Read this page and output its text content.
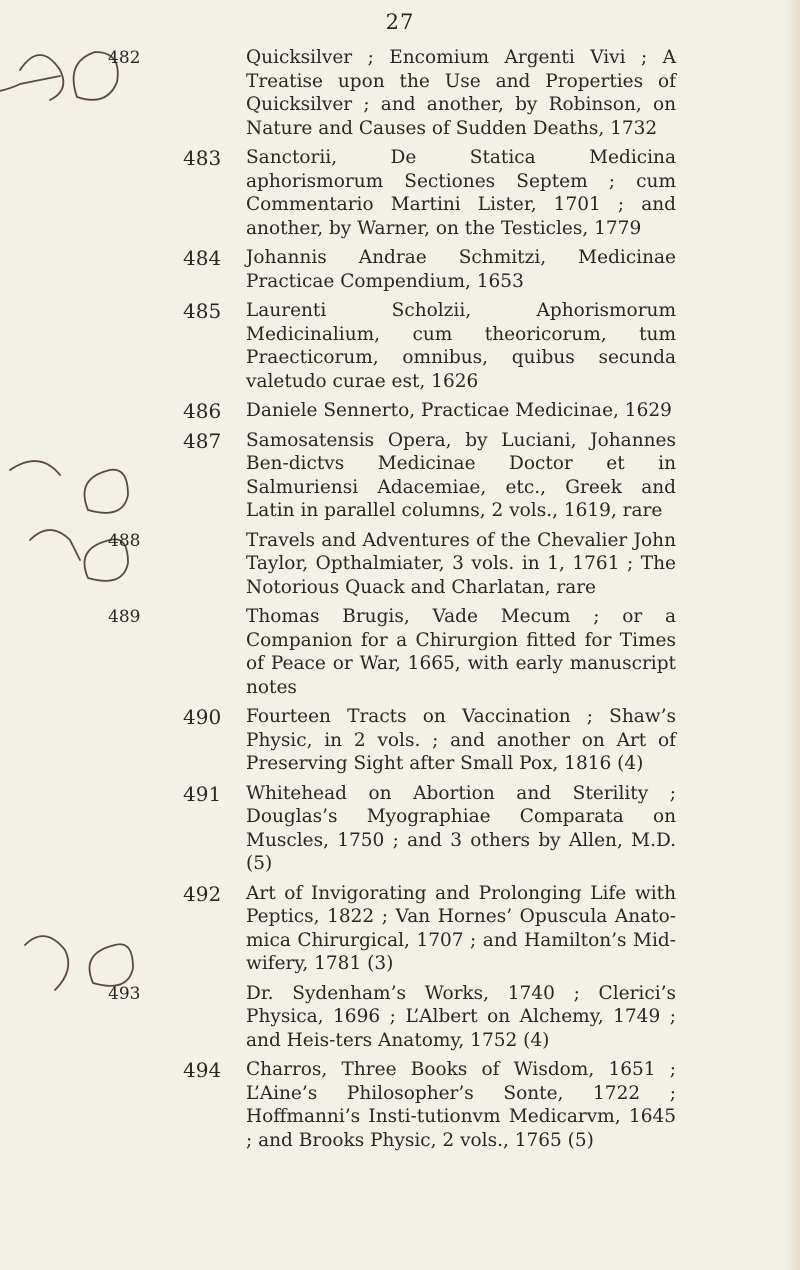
27
482	Quicksilver ; Encomium Argenti Vivi ; A Treatise upon the Use and Properties of Quicksilver ; and another, by Robinson, on Nature and Causes of Sudden Deaths, 1732
483	Sanctorii, De Statica Medicina aphorismorum Sectiones Septem ; cum Commentario Martini Lister, 1701 ; and another, by Warner, on the Testicles, 1779
484	Johannis Andrae Schmitzi, Medicinae Practicae Compendium, 1653
485	Laurenti Scholzii, Aphorismorum Medicinalium, cum theoricorum, tum Praecticorum, omnibus, quibus secunda valetudo curae est, 1626
486	Daniele Sennerto, Practicae Medicinae, 1629
487	Samosatensis Opera, by Luciani, Johannes Ben-dictvs Medicinae Doctor et in Salmuriensi Adacemiae, etc., Greek and Latin in parallel columns, 2 vols., 1619, rare
488	Travels and Adventures of the Chevalier John Taylor, Opthalmiater, 3 vols. in 1, 1761 ; The Notorious Quack and Charlatan, rare
489	Thomas Brugis, Vade Mecum ; or a Companion for a Chirurgion fitted for Times of Peace or War, 1665, with early manuscript notes
490	Fourteen Tracts on Vaccination ; Shaw’s Physic, in 2 vols. ; and another on Art of Preserving Sight after Small Pox, 1816 (4)
491	Whitehead on Abortion and Sterility ; Douglas’s Myographiae Comparata on Muscles, 1750 ; and 3 others by Allen, M.D. (5)
492	Art of Invigorating and Prolonging Life with Peptics, 1822 ; Van Hornes’ Opuscula Anato-mica Chirurgical, 1707 ; and Hamilton’s Mid-wifery, 1781 (3)
493	Dr. Sydenham’s Works, 1740 ; Clerici’s Physica, 1696 ; L’Albert on Alchemy, 1749 ; and Heis-ters Anatomy, 1752 (4)
494	Charros, Three Books of Wisdom, 1651 ; L’Aine’s Philosopher’s Sonte, 1722 ; Hoffmanni’s Insti-tutionvm Medicarvm, 1645 ; and Brooks Physic, 2 vols., 1765 (5)
